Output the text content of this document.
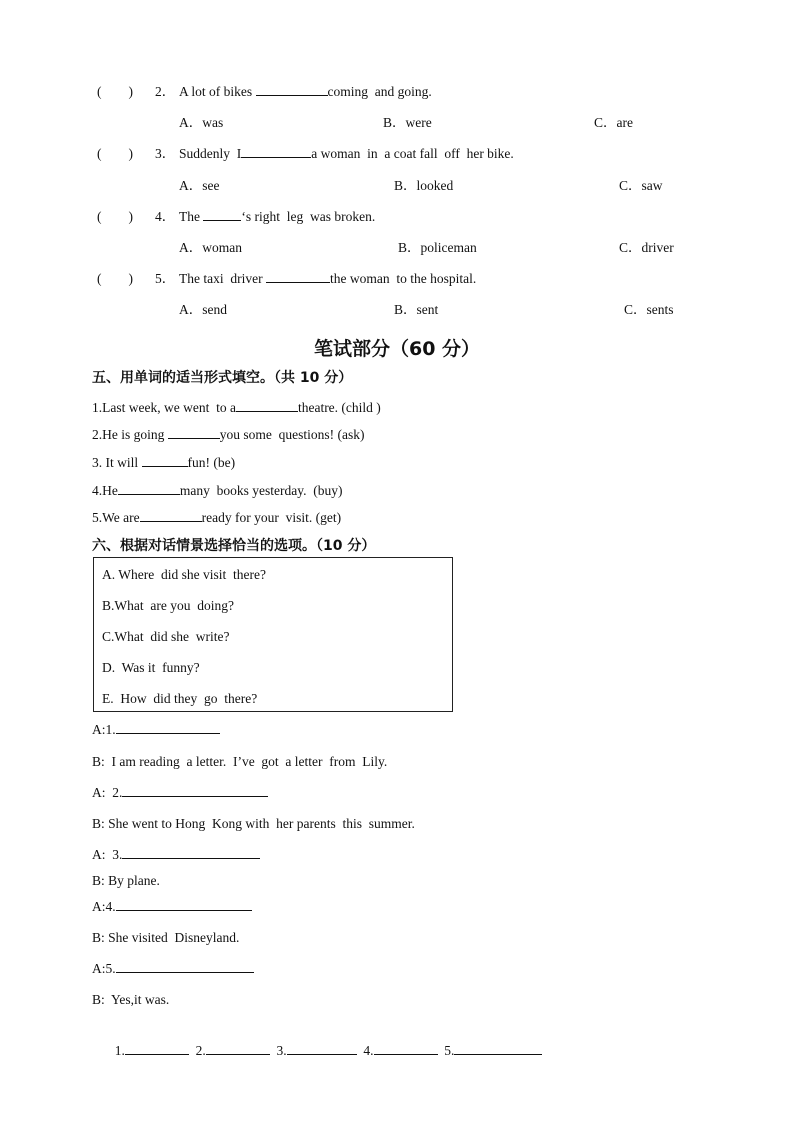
(        ) 2． A lot of bikes	coming  and going.
A．was	B．were	C．are
(        ) 3． Suddenly  I	a woman  in  a coat fall  off  her bike.
A．see	B．looked	C．saw
(        ) 4． The	‘s right  leg  was broken.
A．woman	B．policeman	C．driver
(        ) 5． The taxi  driver	the woman  to the hospital.
A．send	B．sent	C．sents
笔试部分（60 分）
五、用单词的适当形式填空。（共 10 分）
1.Last week, we went  to a	theatre. (child )
2.He is going	you some  questions! (ask)
3. It will	fun! (be)
4.He	many  books yesterday.  (buy)
5.We are	ready for your  visit. (get)
六、根据对话情景选择恰当的选项。（10 分）
A. Where  did she visit  there?
B.What  are you  doing?
C.What  did she  write?
D.  Was it  funny?
E.  How  did they  go  there?
A:1.
B:  I am reading  a letter.  I’ve  got  a letter  from  Lily.
A:  2.
B: She went to Hong  Kong with  her parents  this  summer.
A:  3.
B: By plane.
A:4.
B: She visited  Disneyland.
A:5.
B:  Yes,it was.

1.	2.	3.	4.	5.
